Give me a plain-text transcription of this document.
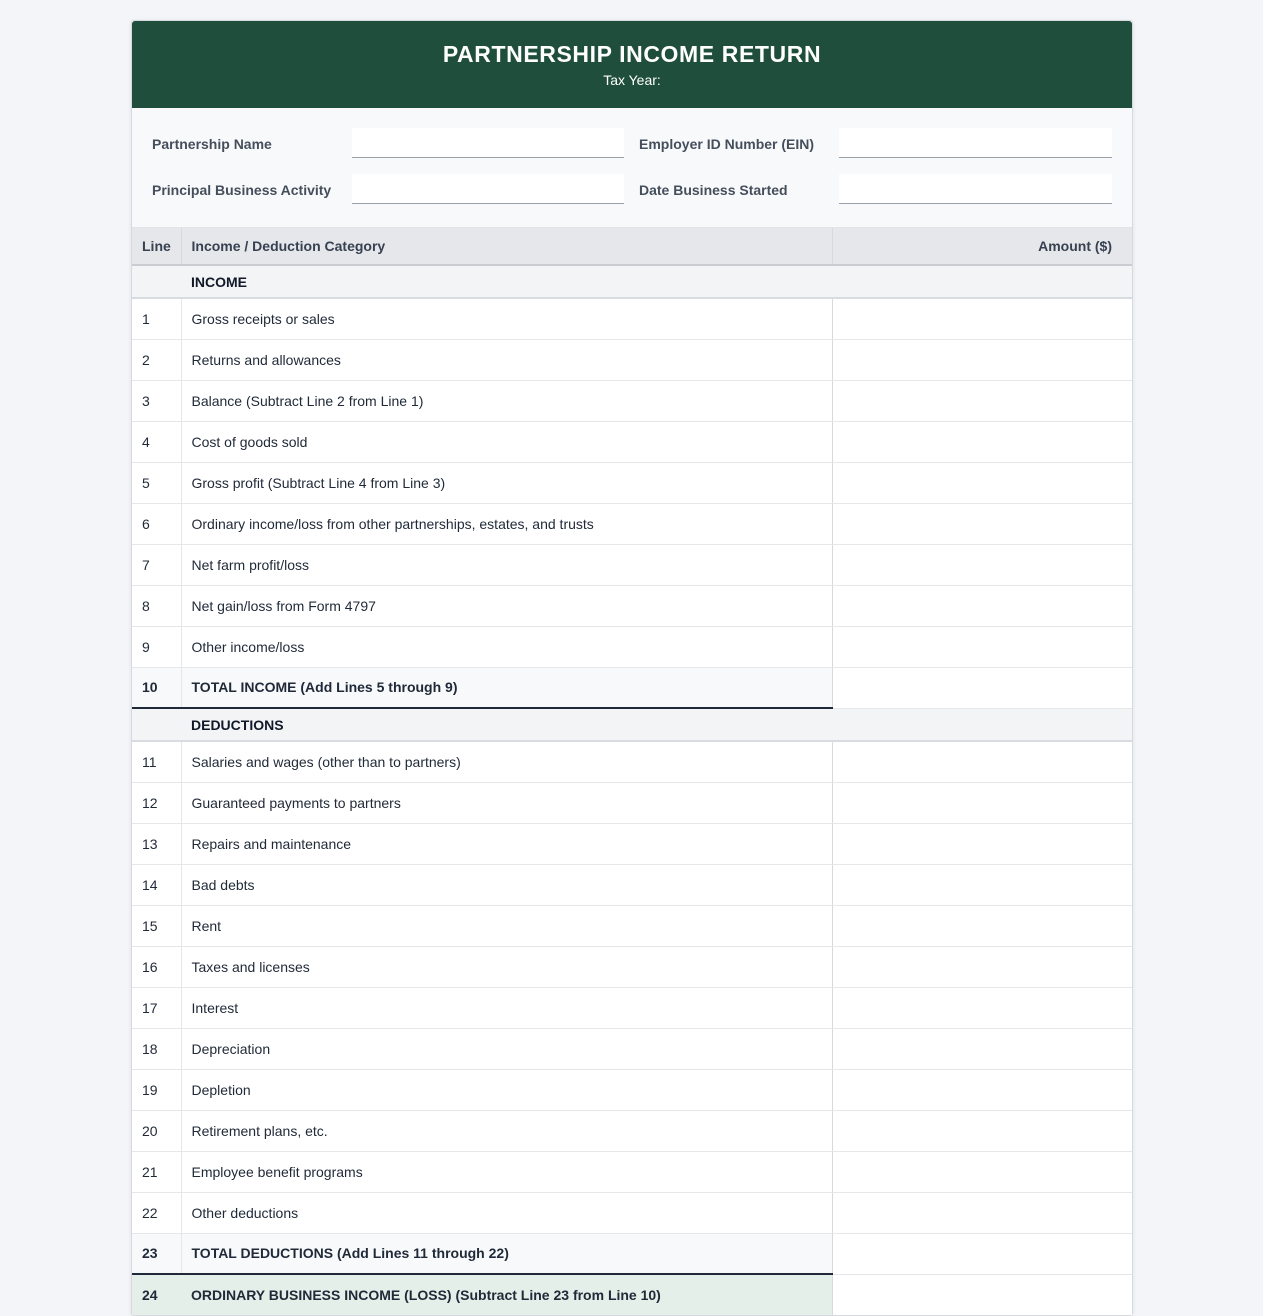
PARTNERSHIP INCOME RETURN
Tax Year:
Partnership Name	Employer ID Number (EIN)
Principal Business Activity	Date Business Started
Line	Income / Deduction Category	Amount ($)
	INCOME	
1	Gross receipts or sales	
2	Returns and allowances	
3	Balance (Subtract Line 2 from Line 1)	
4	Cost of goods sold	
5	Gross profit (Subtract Line 4 from Line 3)	
6	Ordinary income/loss from other partnerships, estates, and trusts	
7	Net farm profit/loss	
8	Net gain/loss from Form 4797	
9	Other income/loss	
10	TOTAL INCOME (Add Lines 5 through 9)	
	DEDUCTIONS	
11	Salaries and wages (other than to partners)	
12	Guaranteed payments to partners	
13	Repairs and maintenance	
14	Bad debts	
15	Rent	
16	Taxes and licenses	
17	Interest	
18	Depreciation	
19	Depletion	
20	Retirement plans, etc.	
21	Employee benefit programs	
22	Other deductions	
23	TOTAL DEDUCTIONS (Add Lines 11 through 22)	
24	ORDINARY BUSINESS INCOME (LOSS) (Subtract Line 23 from Line 10)	
